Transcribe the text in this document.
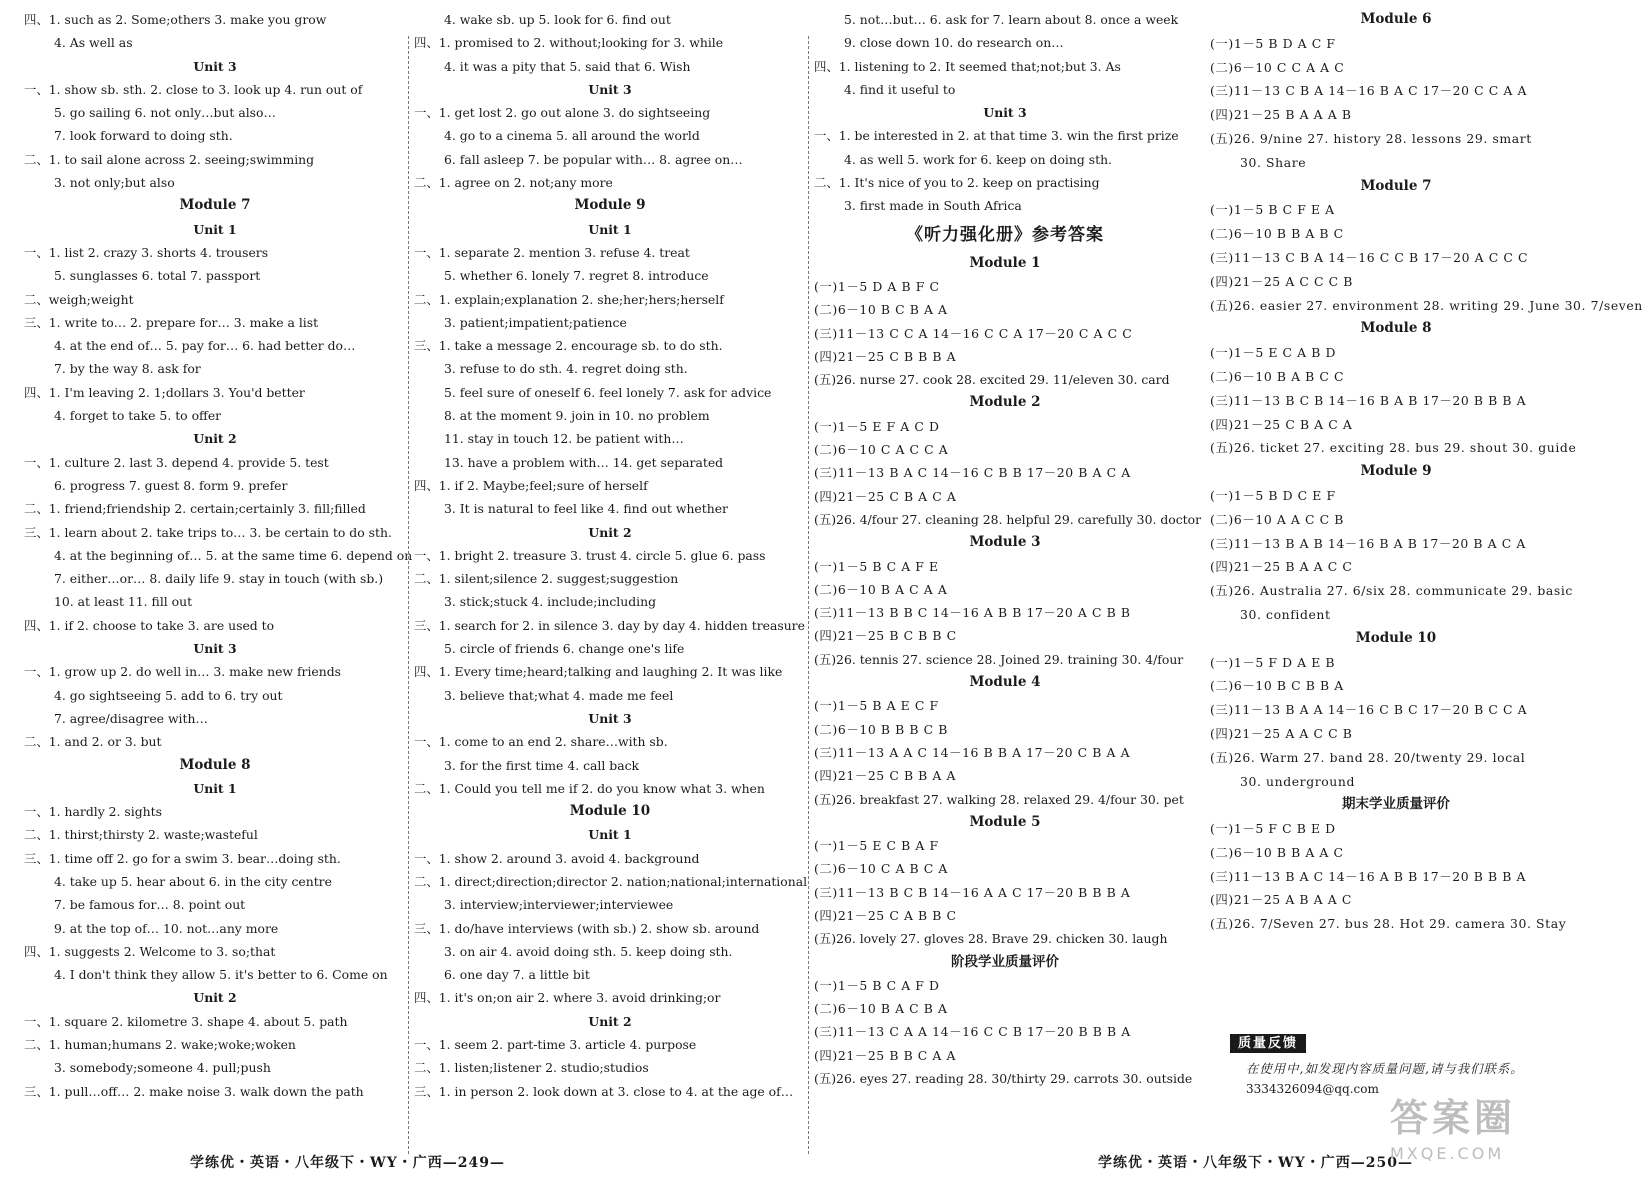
四、1. such as 2. Some;others 3. make you grow
4. As well as
Unit 3
一、1. show sb. sth. 2. close to 3. look up 4. run out of
5. go sailing 6. not only…but also…
7. look forward to doing sth.
二、1. to sail alone across 2. seeing;swimming
3. not only;but also
Module 7
Unit 1
一、1. list 2. crazy 3. shorts 4. trousers
5. sunglasses 6. total 7. passport
二、weigh;weight
三、1. write to… 2. prepare for… 3. make a list
4. at the end of… 5. pay for… 6. had better do…
7. by the way 8. ask for
四、1. I'm leaving 2. 1;dollars 3. You'd better
4. forget to take 5. to offer
Unit 2
一、1. culture 2. last 3. depend 4. provide 5. test
6. progress 7. guest 8. form 9. prefer
二、1. friend;friendship 2. certain;certainly 3. fill;filled
三、1. learn about 2. take trips to… 3. be certain to do sth.
4. at the beginning of… 5. at the same time 6. depend on
7. either…or… 8. daily life 9. stay in touch (with sb.)
10. at least 11. fill out
四、1. if 2. choose to take 3. are used to
Unit 3
一、1. grow up 2. do well in… 3. make new friends
4. go sightseeing 5. add to 6. try out
7. agree/disagree with…
二、1. and 2. or 3. but
Module 8
Unit 1
一、1. hardly 2. sights
二、1. thirst;thirsty 2. waste;wasteful
三、1. time off 2. go for a swim 3. bear…doing sth.
4. take up 5. hear about 6. in the city centre
7. be famous for… 8. point out
9. at the top of… 10. not…any more
四、1. suggests 2. Welcome to 3. so;that
4. I don't think they allow 5. it's better to 6. Come on
Unit 2
一、1. square 2. kilometre 3. shape 4. about 5. path
二、1. human;humans 2. wake;woke;woken
3. somebody;someone 4. pull;push
三、1. pull…off… 2. make noise 3. walk down the path
4. wake sb. up 5. look for 6. find out
四、1. promised to 2. without;looking for 3. while
4. it was a pity that 5. said that 6. Wish
Unit 3
一、1. get lost 2. go out alone 3. do sightseeing
4. go to a cinema 5. all around the world
6. fall asleep 7. be popular with… 8. agree on…
二、1. agree on 2. not;any more
Module 9
Unit 1
一、1. separate 2. mention 3. refuse 4. treat
5. whether 6. lonely 7. regret 8. introduce
二、1. explain;explanation 2. she;her;hers;herself
3. patient;impatient;patience
三、1. take a message 2. encourage sb. to do sth.
3. refuse to do sth. 4. regret doing sth.
5. feel sure of oneself 6. feel lonely 7. ask for advice
8. at the moment 9. join in 10. no problem
11. stay in touch 12. be patient with…
13. have a problem with… 14. get separated
四、1. if 2. Maybe;feel;sure of herself
3. It is natural to feel like 4. find out whether
Unit 2
一、1. bright 2. treasure 3. trust 4. circle 5. glue 6. pass
二、1. silent;silence 2. suggest;suggestion
3. stick;stuck 4. include;including
三、1. search for 2. in silence 3. day by day 4. hidden treasure
5. circle of friends 6. change one's life
四、1. Every time;heard;talking and laughing 2. It was like
3. believe that;what 4. made me feel
Unit 3
一、1. come to an end 2. share…with sb.
3. for the first time 4. call back
二、1. Could you tell me if 2. do you know what 3. when
Module 10
Unit 1
一、1. show 2. around 3. avoid 4. background
二、1. direct;direction;director 2. nation;national;international
3. interview;interviewer;interviewee
三、1. do/have interviews (with sb.) 2. show sb. around
3. on air 4. avoid doing sth. 5. keep doing sth.
6. one day 7. a little bit
四、1. it's on;on air 2. where 3. avoid drinking;or
Unit 2
一、1. seem 2. part-time 3. article 4. purpose
二、1. listen;listener 2. studio;studios
三、1. in person 2. look down at 3. close to 4. at the age of…
5. not…but… 6. ask for 7. learn about 8. once a week
9. close down 10. do research on…
四、1. listening to 2. It seemed that;not;but 3. As
4. find it useful to
Unit 3
一、1. be interested in 2. at that time 3. win the first prize
4. as well 5. work for 6. keep on doing sth.
二、1. It's nice of you to 2. keep on practising
3. first made in South Africa
《听力强化册》参考答案
Module 1
(一)1－5 D A B F C
(二)6－10 B C B A A
(三)11－13 C C A 14－16 C C A 17－20 C A C C
(四)21－25 C B B B A
(五)26. nurse 27. cook 28. excited 29. 11/eleven 30. card
Module 2
(一)1－5 E F A C D
(二)6－10 C A C C A
(三)11－13 B A C 14－16 C B B 17－20 B A C A
(四)21－25 C B A C A
(五)26. 4/four 27. cleaning 28. helpful 29. carefully 30. doctor
Module 3
(一)1－5 B C A F E
(二)6－10 B A C A A
(三)11－13 B B C 14－16 A B B 17－20 A C B B
(四)21－25 B C B B C
(五)26. tennis 27. science 28. Joined 29. training 30. 4/four
Module 4
(一)1－5 B A E C F
(二)6－10 B B B C B
(三)11－13 A A C 14－16 B B A 17－20 C B A A
(四)21－25 C B B A A
(五)26. breakfast 27. walking 28. relaxed 29. 4/four 30. pet
Module 5
(一)1－5 E C B A F
(二)6－10 C A B C A
(三)11－13 B C B 14－16 A A C 17－20 B B B A
(四)21－25 C A B B C
(五)26. lovely 27. gloves 28. Brave 29. chicken 30. laugh
阶段学业质量评价
(一)1－5 B C A F D
(二)6－10 B A C B A
(三)11－13 C A A 14－16 C C B 17－20 B B B A
(四)21－25 B B C A A
(五)26. eyes 27. reading 28. 30/thirty 29. carrots 30. outside
Module 6
(一)1－5 B D A C F
(二)6－10 C C A A C
(三)11－13 C B A 14－16 B A C 17－20 C C A A
(四)21－25 B A A A B
(五)26. 9/nine 27. history 28. lessons 29. smart
30. Share
Module 7
(一)1－5 B C F E A
(二)6－10 B B A B C
(三)11－13 C B A 14－16 C C B 17－20 A C C C
(四)21－25 A C C C B
(五)26. easier 27. environment 28. writing 29. June 30. 7/seven
Module 8
(一)1－5 E C A B D
(二)6－10 B A B C C
(三)11－13 B C B 14－16 B A B 17－20 B B B A
(四)21－25 C B A C A
(五)26. ticket 27. exciting 28. bus 29. shout 30. guide
Module 9
(一)1－5 B D C E F
(二)6－10 A A C C B
(三)11－13 B A B 14－16 B A B 17－20 B A C A
(四)21－25 B A A C C
(五)26. Australia 27. 6/six 28. communicate 29. basic
30. confident
Module 10
(一)1－5 F D A E B
(二)6－10 B C B B A
(三)11－13 B A A 14－16 C B C 17－20 B C C A
(四)21－25 A A C C B
(五)26. Warm 27. band 28. 20/twenty 29. local
30. underground
期末学业质量评价
(一)1－5 F C B E D
(二)6－10 B B A A C
(三)11－13 B A C 14－16 A B B 17－20 B B B A
(四)21－25 A B A A C
(五)26. 7/Seven 27. bus 28. Hot 29. camera 30. Stay
质量反馈
在使用中,如发现内容质量问题,请与我们联系。
3334326094@qq.com
学练优・英语・八年级下・WY・广西—249—	学练优・英语・八年级下・WY・广西—250—
答案圈
MXQE.COM
